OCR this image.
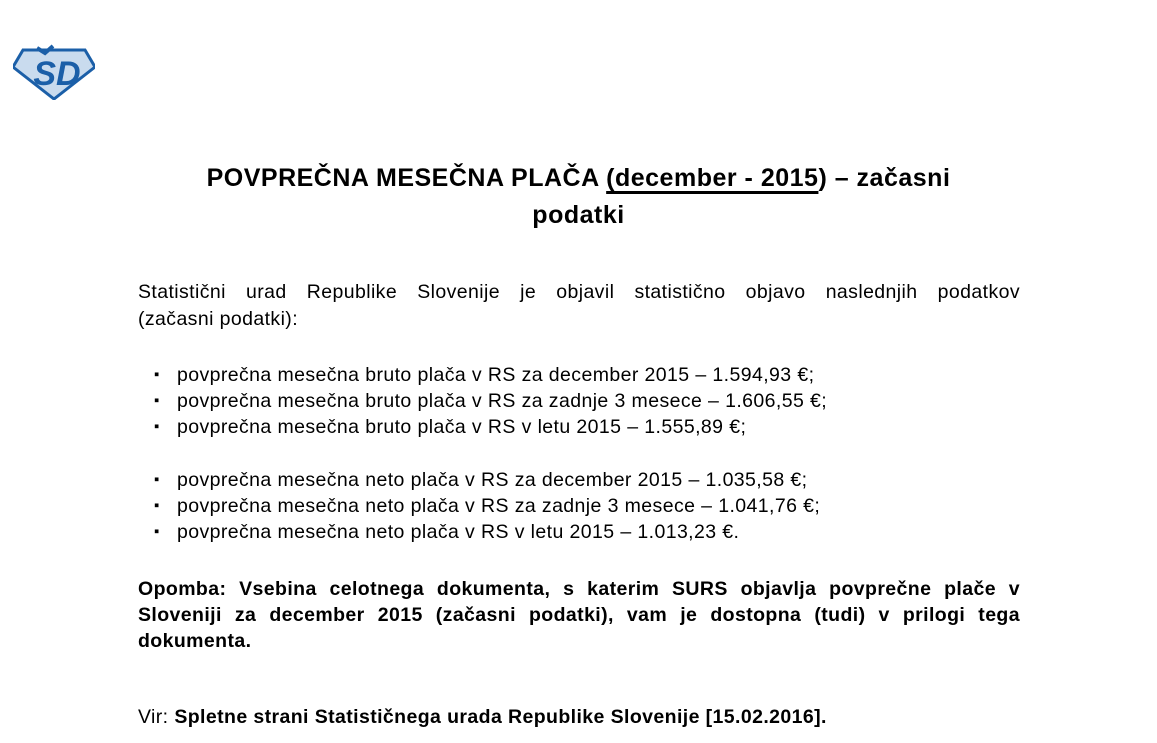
SD
POVPREČNA MESEČNA PLAČA (december - 2015) – začasni
podatki
Statistični urad Republike Slovenije je objavil statistično objavo naslednjih podatkov
(začasni podatki):
▪ povprečna mesečna bruto plača v RS za december 2015 – 1.594,93 €;
▪ povprečna mesečna bruto plača v RS za zadnje 3 mesece – 1.606,55 €;
▪ povprečna mesečna bruto plača v RS v letu 2015 – 1.555,89 €;
▪ povprečna mesečna neto plača v RS za december 2015 – 1.035,58 €;
▪ povprečna mesečna neto plača v RS za zadnje 3 mesece – 1.041,76 €;
▪ povprečna mesečna neto plača v RS v letu 2015 – 1.013,23 €.
Opomba: Vsebina celotnega dokumenta, s katerim SURS objavlja povprečne plače v
Sloveniji za december 2015 (začasni podatki), vam je dostopna (tudi) v prilogi tega
dokumenta.
Vir: Spletne strani Statističnega urada Republike Slovenije [15.02.2016].
